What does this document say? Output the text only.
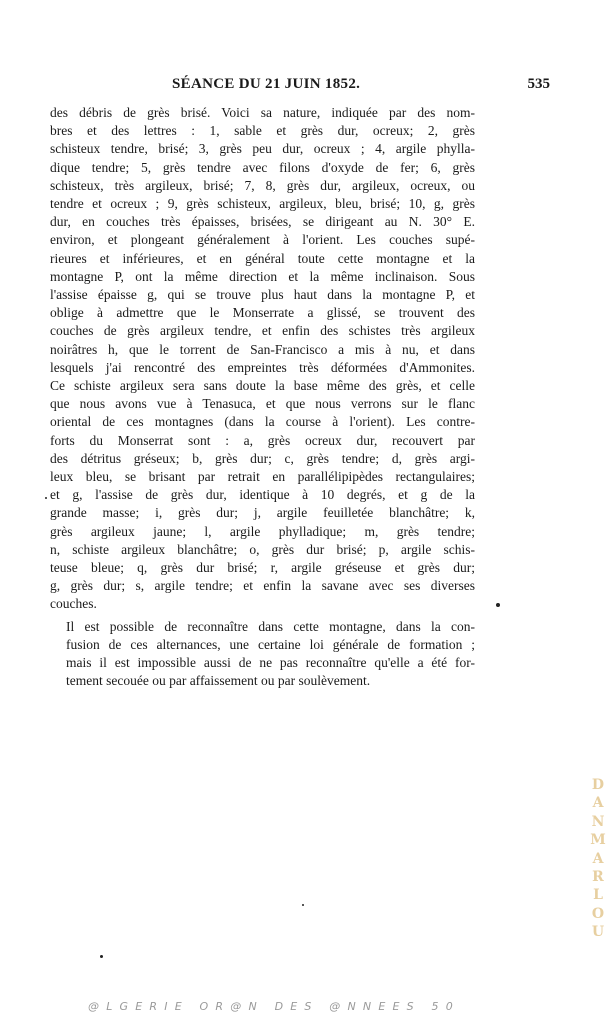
SÉANCE DU 21 JUIN 1852.	535

des débris de grès brisé. Voici sa nature, indiquée par des nom-
bres et des lettres : 1, sable et grès dur, ocreux; 2, grès
schisteux tendre, brisé; 3, grès peu dur, ocreux ; 4, argile phylla-
dique tendre; 5, grès tendre avec filons d'oxyde de fer; 6, grès
schisteux, très argileux, brisé; 7, 8, grès dur, argileux, ocreux, ou
tendre et ocreux ; 9, grès schisteux, argileux, bleu, brisé; 10, g, grès
dur, en couches très épaisses, brisées, se dirigeant au N. 30° E.
environ, et plongeant généralement à l'orient. Les couches supé-
rieures et inférieures, et en général toute cette montagne et la
montagne P, ont la même direction et la même inclinaison. Sous
l'assise épaisse g, qui se trouve plus haut dans la montagne P, et
oblige à admettre que le Monserrate a glissé, se trouvent des
couches de grès argileux tendre, et enfin des schistes très argileux
noirâtres h, que le torrent de San-Francisco a mis à nu, et dans
lesquels j'ai rencontré des empreintes très déformées d'Ammonites.
Ce schiste argileux sera sans doute la base même des grès, et celle
que nous avons vue à Tenasuca, et que nous verrons sur le flanc
oriental de ces montagnes (dans la course à l'orient). Les contre-
forts du Monserrat sont : a, grès ocreux dur, recouvert par
des détritus gréseux; b, grès dur; c, grès tendre; d, grès argi-
leux bleu, se brisant par retrait en parallélipipèdes rectangulaires;
et g, l'assise de grès dur, identique à 10 degrés, et g de la
grande masse; i, grès dur; j, argile feuilletée blanchâtre; k,
grès argileux jaune; l, argile phylladique; m, grès tendre;
n, schiste argileux blanchâtre; o, grès dur brisé; p, argile schis-
teuse bleue; q, grès dur brisé; r, argile gréseuse et grès dur;
g, grès dur; s, argile tendre; et enfin la savane avec ses diverses
couches.

Il est possible de reconnaître dans cette montagne, dans la con-
fusion de ces alternances, une certaine loi générale de formation ;
mais il est impossible aussi de ne pas reconnaître qu'elle a été for-
tement secouée ou par affaissement ou par soulèvement.

D
A
N
M
A
R
L
O
U
@LGERIE OR@N DES @NNEES 50
